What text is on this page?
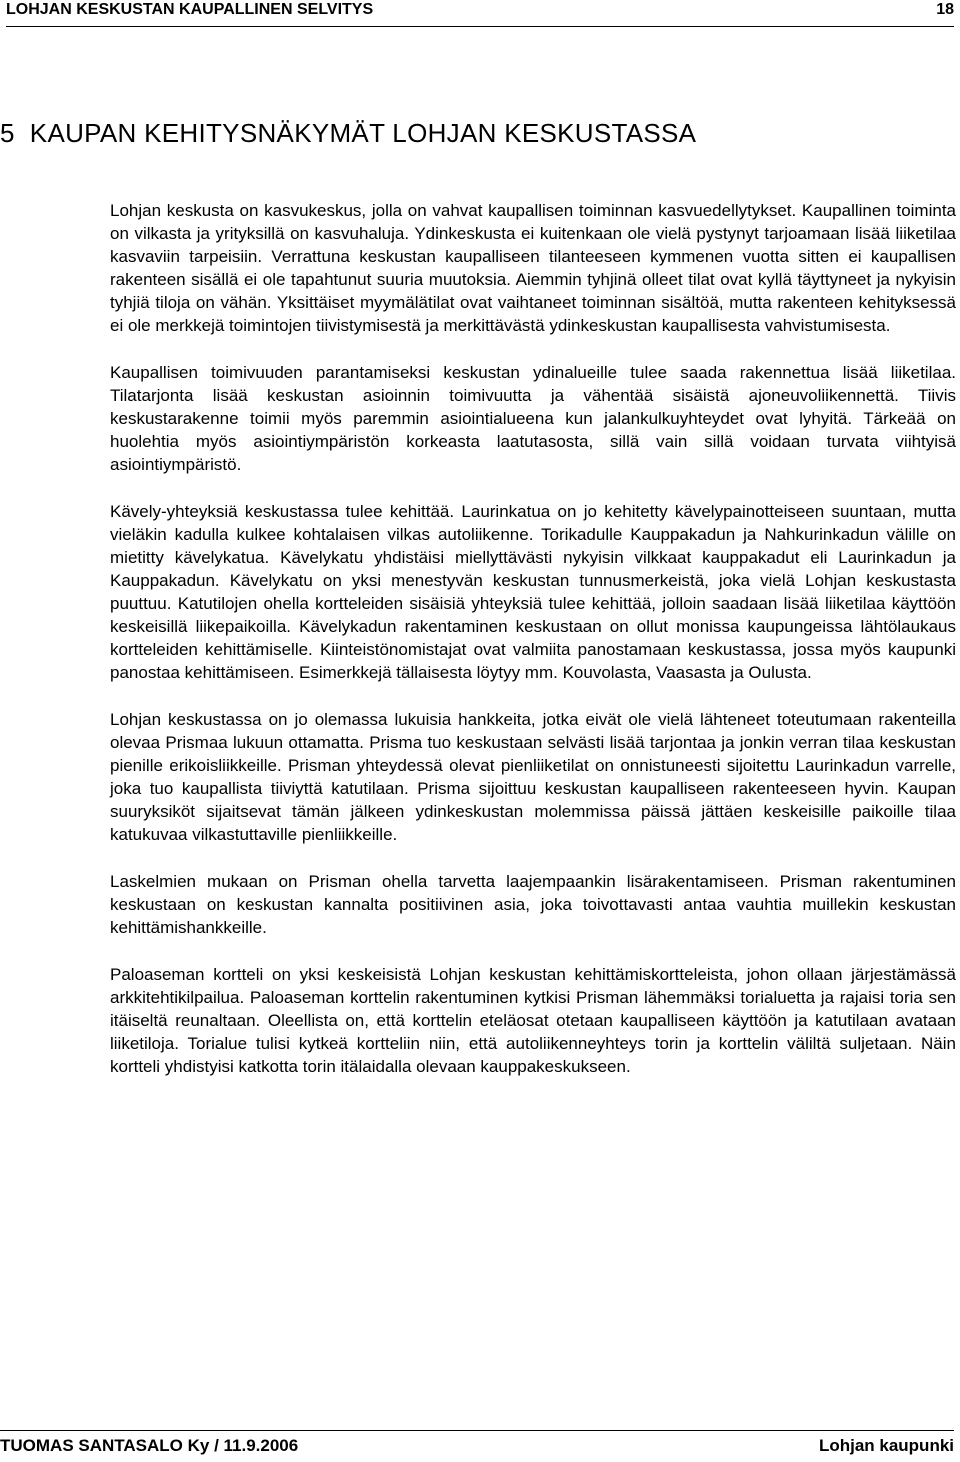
LOHJAN KESKUSTAN KAUPALLINEN SELVITYS	18
5  KAUPAN KEHITYSNÄKYMÄT LOHJAN KESKUSTASSA

Lohjan keskusta on kasvukeskus, jolla on vahvat kaupallisen toiminnan kasvuedellytykset. Kaupallinen toiminta on vilkasta ja yrityksillä on kasvuhaluja. Ydinkeskusta ei kuitenkaan ole vielä pystynyt tarjoamaan lisää liiketilaa kasvaviin tarpeisiin. Verrattuna keskustan kaupalliseen tilanteeseen kymmenen vuotta sitten ei kaupallisen rakenteen sisällä ei ole tapahtunut suuria muutoksia. Aiemmin tyhjinä olleet tilat ovat kyllä täyttyneet ja nykyisin tyhjiä tiloja on vähän. Yksittäiset myymälätilat ovat vaihtaneet toiminnan sisältöä, mutta rakenteen kehityksessä ei ole merkkejä toimintojen tiivistymisestä ja merkittävästä ydinkeskustan kaupallisesta vahvistumisesta.

Kaupallisen toimivuuden parantamiseksi keskustan ydinalueille tulee saada rakennettua lisää liiketilaa. Tilatarjonta lisää keskustan asioinnin toimivuutta ja vähentää sisäistä ajoneuvoliikennettä. Tiivis keskustarakenne toimii myös paremmin asiointialueena kun jalankulkuyhteydet ovat lyhyitä. Tärkeää on huolehtia myös asiointiympäristön korkeasta laatutasosta, sillä vain sillä voidaan turvata viihtyisä asiointiympäristö.

Kävely-yhteyksiä keskustassa tulee kehittää. Laurinkatua on jo kehitetty kävelypainotteiseen suuntaan, mutta vieläkin kadulla kulkee kohtalaisen vilkas autoliikenne. Torikadulle Kauppakadun ja Nahkurinkadun välille on mietitty kävelykatua. Kävelykatu yhdistäisi miellyttävästi nykyisin vilkkaat kauppakadut eli Laurinkadun ja Kauppakadun. Kävelykatu on yksi menestyvän keskustan tunnusmerkeistä, joka vielä Lohjan keskustasta puuttuu. Katutilojen ohella kortteleiden sisäisiä yhteyksiä tulee kehittää, jolloin saadaan lisää liiketilaa käyttöön keskeisillä liikepaikoilla. Kävelykadun rakentaminen keskustaan on ollut monissa kaupungeissa lähtölaukaus kortteleiden kehittämiselle. Kiinteistönomistajat ovat valmiita panostamaan keskustassa, jossa myös kaupunki panostaa kehittämiseen. Esimerkkejä tällaisesta löytyy mm. Kouvolasta, Vaasasta ja Oulusta.

Lohjan keskustassa on jo olemassa lukuisia hankkeita, jotka eivät ole vielä lähteneet toteutumaan rakenteilla olevaa Prismaa lukuun ottamatta. Prisma tuo keskustaan selvästi lisää tarjontaa ja jonkin verran tilaa keskustan pienille erikoisliikkeille. Prisman yhteydessä olevat pienliiketilat on onnistuneesti sijoitettu Laurinkadun varrelle, joka tuo kaupallista tiiviyttä katutilaan. Prisma sijoittuu keskustan kaupalliseen rakenteeseen hyvin. Kaupan suuryksiköt sijaitsevat tämän jälkeen ydinkeskustan molemmissa päissä jättäen keskeisille paikoille tilaa katukuvaa vilkastuttaville pienliikkeille.

Laskelmien mukaan on Prisman ohella tarvetta laajempaankin lisärakentamiseen. Prisman rakentuminen keskustaan on keskustan kannalta positiivinen asia, joka toivottavasti antaa vauhtia muillekin keskustan kehittämishankkeille.

Paloaseman kortteli on yksi keskeisistä Lohjan keskustan kehittämiskortteleista, johon ollaan järjestämässä arkkitehtikilpailua. Paloaseman korttelin rakentuminen kytkisi Prisman lähemmäksi torialuetta ja rajaisi toria sen itäiseltä reunaltaan. Oleellista on, että korttelin eteläosat otetaan kaupalliseen käyttöön ja katutilaan avataan liiketiloja. Torialue tulisi kytkeä kortteliin niin, että autoliikenneyhteys torin ja korttelin väliltä suljetaan. Näin kortteli yhdistyisi katkotta torin itälaidalla olevaan kauppakeskukseen.

TUOMAS SANTASALO Ky / 11.9.2006	Lohjan kaupunki
